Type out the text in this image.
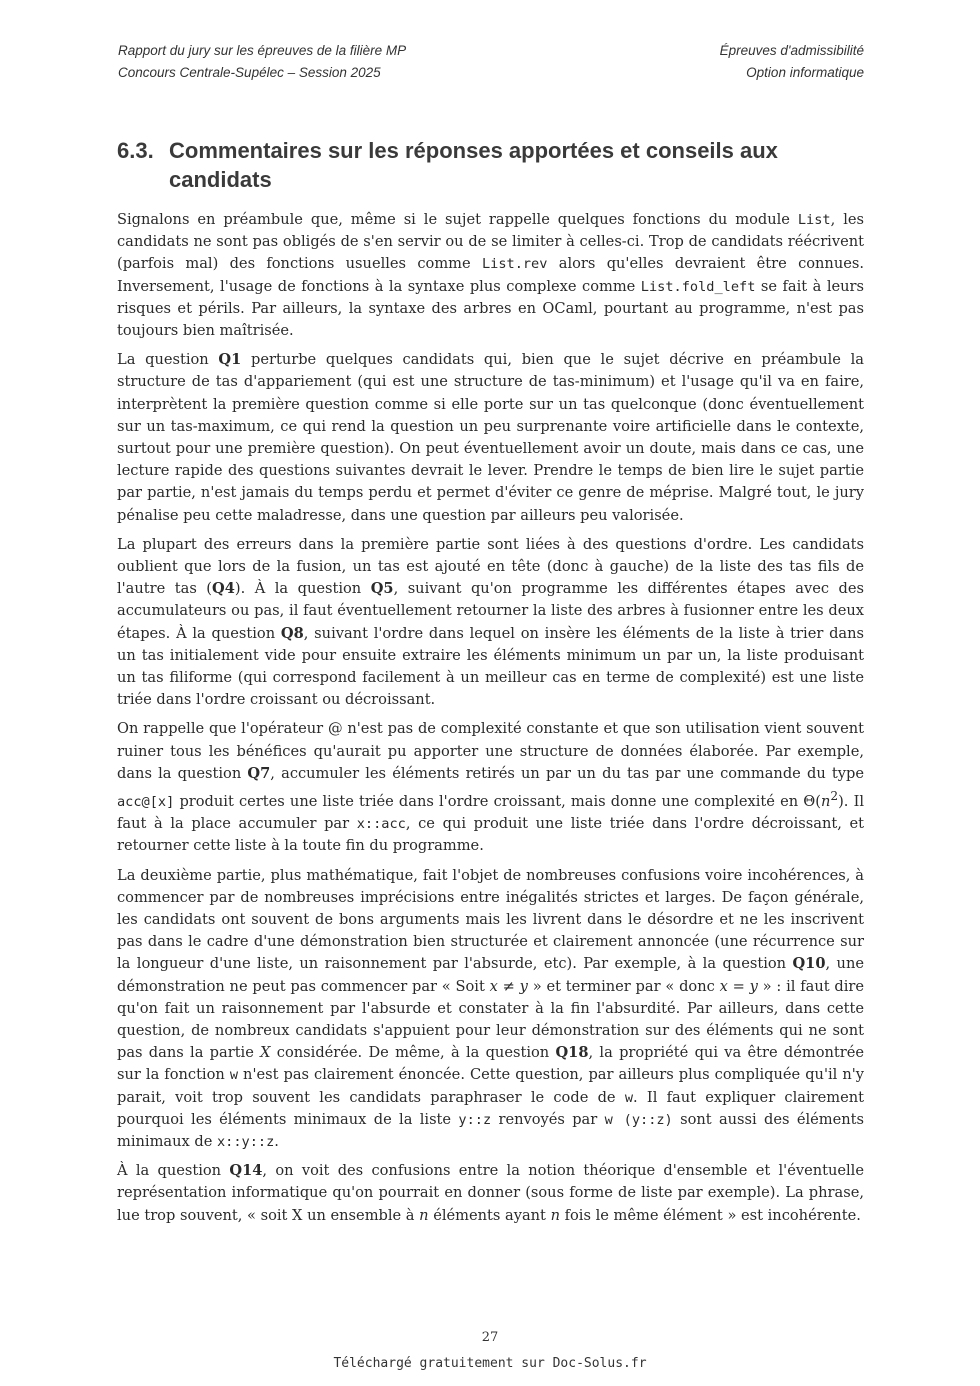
Rapport du jury sur les épreuves de la filière MP
Concours Centrale-Supélec – Session 2025
Épreuves d'admissibilité
Option informatique
6.3. Commentaires sur les réponses apportées et conseils aux candidats

Signalons en préambule que, même si le sujet rappelle quelques fonctions du module List, les candidats ne sont pas obligés de s'en servir ou de se limiter à celles-ci. Trop de candidats réécrivent (parfois mal) des fonctions usuelles comme List.rev alors qu'elles devraient être connues. Inversement, l'usage de fonctions à la syntaxe plus complexe comme List.fold_left se fait à leurs risques et périls. Par ailleurs, la syntaxe des arbres en OCaml, pourtant au programme, n'est pas toujours bien maîtrisée.

La question Q1 perturbe quelques candidats qui, bien que le sujet décrive en préambule la structure de tas d'appariement (qui est une structure de tas-minimum) et l'usage qu'il va en faire, interprètent la première question comme si elle porte sur un tas quelconque (donc éventuellement sur un tas-maximum, ce qui rend la question un peu surprenante voire artificielle dans le contexte, surtout pour une première question). On peut éventuellement avoir un doute, mais dans ce cas, une lecture rapide des questions suivantes devrait le lever. Prendre le temps de bien lire le sujet partie par partie, n'est jamais du temps perdu et permet d'éviter ce genre de méprise. Malgré tout, le jury pénalise peu cette maladresse, dans une question par ailleurs peu valorisée.

La plupart des erreurs dans la première partie sont liées à des questions d'ordre. Les candidats oublient que lors de la fusion, un tas est ajouté en tête (donc à gauche) de la liste des tas fils de l'autre tas (Q4). À la question Q5, suivant qu'on programme les différentes étapes avec des accumulateurs ou pas, il faut éventuellement retourner la liste des arbres à fusionner entre les deux étapes. À la question Q8, suivant l'ordre dans lequel on insère les éléments de la liste à trier dans un tas initialement vide pour ensuite extraire les éléments minimum un par un, la liste produisant un tas filiforme (qui correspond facilement à un meilleur cas en terme de complexité) est une liste triée dans l'ordre croissant ou décroissant.

On rappelle que l'opérateur @ n'est pas de complexité constante et que son utilisation vient souvent ruiner tous les bénéfices qu'aurait pu apporter une structure de données élaborée. Par exemple, dans la question Q7, accumuler les éléments retirés un par un du tas par une commande du type acc@[x] produit certes une liste triée dans l'ordre croissant, mais donne une complexité en $\Theta(n^2)$. Il faut à la place accumuler par x::acc, ce qui produit une liste triée dans l'ordre décroissant, et retourner cette liste à la toute fin du programme.

La deuxième partie, plus mathématique, fait l'objet de nombreuses confusions voire incohérences, à commencer par de nombreuses imprécisions entre inégalités strictes et larges. De façon générale, les candidats ont souvent de bons arguments mais les livrent dans le désordre et ne les inscrivent pas dans le cadre d'une démonstration bien structurée et clairement annoncée (une récurrence sur la longueur d'une liste, un raisonnement par l'absurde, etc). Par exemple, à la question Q10, une démonstration ne peut pas commencer par « Soit x ≠ y » et terminer par « donc x = y » : il faut dire qu'on fait un raisonnement par l'absurde et constater à la fin l'absurdité. Par ailleurs, dans cette question, de nombreux candidats s'appuient pour leur démonstration sur des éléments qui ne sont pas dans la partie X considérée. De même, à la question Q18, la propriété qui va être démontrée sur la fonction w n'est pas clairement énoncée. Cette question, par ailleurs plus compliquée qu'il n'y parait, voit trop souvent les candidats paraphraser le code de w. Il faut expliquer clairement pourquoi les éléments minimaux de la liste y::z renvoyés par w (y::z) sont aussi des éléments minimaux de x::y::z.

À la question Q14, on voit des confusions entre la notion théorique d'ensemble et l'éventuelle représentation informatique qu'on pourrait en donner (sous forme de liste par exemple). La phrase, lue trop souvent, « soit X un ensemble à n éléments ayant n fois le même élément » est incohérente.

27
Téléchargé gratuitement sur Doc-Solus.fr
